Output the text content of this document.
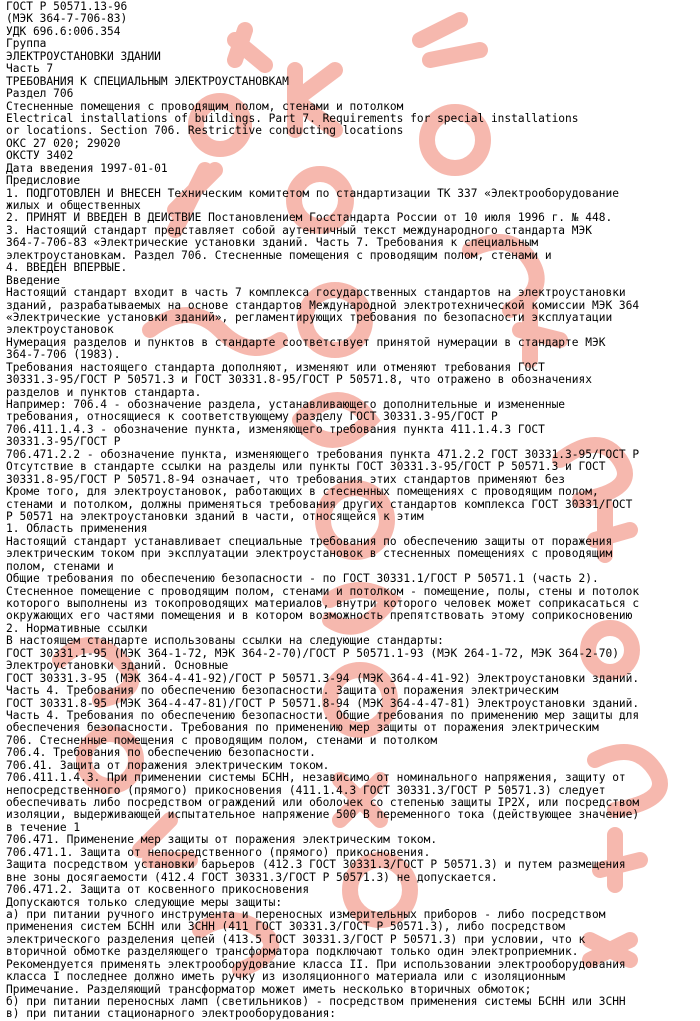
ГОСТ Р 50571.13-96
(МЭК 364-7-706-83)
УДК 696.6:006.354
Группа
ЭЛЕКТРОУСТАНОВКИ ЗДАНИЙ
Часть 7
ТРЕБОВАНИЯ К СПЕЦИАЛЬНЫМ ЭЛЕКТРОУСТАНОВКАМ
Раздел 706
Стесненные помещения с проводящим полом, стенами и потолком
Electrical installations of buildings. Part 7. Requirements for special installations
or locations. Section 706. Restrictive conducting locations
ОКС 27 020; 29020
ОКСТУ 3402
Дата введения 1997-01-01
Предисловие
1. ПОДГОТОВЛЕН И ВНЕСЕН Техническим комитетом по стандартизации ТК 337 «Электрооборудование
жилых и общественных
2. ПРИНЯТ И ВВЕДЕН В ДЕЙСТВИЕ Постановлением Госстандарта России от 10 июля 1996 г. № 448.
3. Настоящий стандарт представляет собой аутентичный текст международного стандарта МЭК
364-7-706-83 «Электрические установки зданий. Часть 7. Требования к специальным
электроустановкам. Раздел 706. Стесненные помещения с проводящим полом, стенами и
4. ВВЕДЕН ВПЕРВЫЕ.
Введение
Настоящий стандарт входит в часть 7 комплекса государственных стандартов на электроустановки
зданий, разрабатываемых на основе стандартов Международной электротехнической комиссии МЭК 364
«Электрические установки зданий», регламентирующих требования по безопасности эксплуатации
электроустановок
Нумерация разделов и пунктов в стандарте соответствует принятой нумерации в стандарте МЭК
364-7-706 (1983).
Требования настоящего стандарта дополняют, изменяют или отменяют требования ГОСТ
30331.3-95/ГОСТ Р 50571.3 и ГОСТ 30331.8-95/ГОСТ Р 50571.8, что отражено в обозначениях
разделов и пунктов стандарта.
Например: 706.4 - обозначение раздела, устанавливающего дополнительные и измененные
требования, относящиеся к соответствующему разделу ГОСТ 30331.3-95/ГОСТ Р
706.411.1.4.3 - обозначение пункта, изменяющего требования пункта 411.1.4.3 ГОСТ
30331.3-95/ГОСТ Р
706.471.2.2 - обозначение пункта, изменяющего требования пункта 471.2.2 ГОСТ 30331.3-95/ГОСТ Р
Отсутствие в стандарте ссылки на разделы или пункты ГОСТ 30331.3-95/ГОСТ Р 50571.3 и ГОСТ
30331.8-95/ГОСТ Р 50571.8-94 означает, что требования этих стандартов применяют без
Кроме того, для электроустановок, работающих в стесненных помещениях с проводящим полом,
стенами и потолком, должны применяться требования других стандартов комплекса ГОСТ 30331/ГОСТ
Р 50571 на электроустановки зданий в части, относящейся к этим
1. Область применения
Настоящий стандарт устанавливает специальные требования по обеспечению защиты от поражения
электрическим током при эксплуатации электроустановок в стесненных помещениях с проводящим
полом, стенами и
Общие требования по обеспечению безопасности - по ГОСТ 30331.1/ГОСТ Р 50571.1 (часть 2).
Стесненное помещение с проводящим полом, стенами и потолком - помещение, полы, стены и потолок
которого выполнены из токопроводящих материалов, внутри которого человек может соприкасаться с
окружающих его частями помещения и в котором возможность препятствовать этому соприкосновению
2. Нормативные ссылки
В настоящем стандарте использованы ссылки на следующие стандарты:
ГОСТ 30331.1-95 (МЭК 364-1-72, МЭК 364-2-70)/ГОСТ Р 50571.1-93 (МЭК 264-1-72, МЭК 364-2-70)
Электроустановки зданий. Основные
ГОСТ 30331.3-95 (МЭК 364-4-41-92)/ГОСТ Р 50571.3-94 (МЭК 364-4-41-92) Электроустановки зданий.
Часть 4. Требования по обеспечению безопасности. Защита от поражения электрическим
ГОСТ 30331.8-95 (МЭК 364-4-47-81)/ГОСТ Р 50571.8-94 (МЭК 364-4-47-81) Электроустановки зданий.
Часть 4. Требования по обеспечению безопасности. Общие требования по применению мер защиты для
обеспечения безопасности. Требования по применению мер защиты от поражения электрическим
706. Стесненные помещения с проводящим полом, стенами и потолком
706.4. Требования по обеспечению безопасности.
706.41. Защита от поражения электрическим током.
706.411.1.4.3. При применении системы БСНН, независимо от номинального напряжения, защиту от
непосредственного (прямого) прикосновения (411.1.4.3 ГОСТ 30331.3/ГОСТ Р 50571.3) следует
обеспечивать либо посредством ограждений или оболочек со степенью защиты IP2X, или посредством
изоляции, выдерживающей испытательное напряжение 500 В переменного тока (действующее значение)
в течение 1
706.471. Применение мер защиты от поражения электрическим током.
706.471.1. Защита от непосредственного (прямого) прикосновения.
Защита посредством установки барьеров (412.3 ГОСТ 30331.3/ГОСТ Р 50571.3) и путем размещения
вне зоны досягаемости (412.4 ГОСТ 30331.3/ГОСТ Р 50571.3) не допускается.
706.471.2. Защита от косвенного прикосновения
Допускаются только следующие меры защиты:
а) при питании ручного инструмента и переносных измерительных приборов - либо посредством
применения систем БСНН или ЗСНН (411 ГОСТ 30331.3/ГОСТ Р 50571.3), либо посредством
электрического разделения цепей (413.5 ГОСТ 30331.3/ГОСТ Р 50571.3) при условии, что к
вторичной обмотке разделяющего трансформатора подключают только один электроприемник.
Рекомендуется применять электрооборудование класса II. При использовании электрооборудования
класса I последнее должно иметь ручку из изоляционного материала или с изоляционным
Примечание. Разделяющий трансформатор может иметь несколько вторичных обмоток;
б) при питании переносных ламп (светильников) - посредством применения системы БСНН или ЗСНН
в) при питании стационарного электрооборудования:
